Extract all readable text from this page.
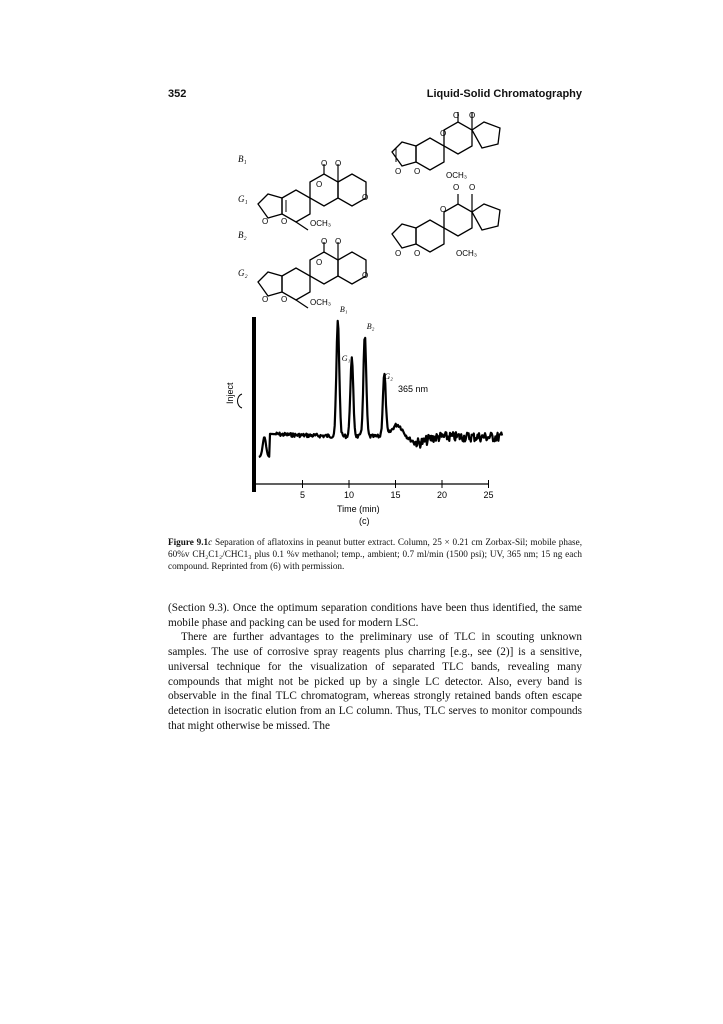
352	Liquid-Solid Chromatography
B₁
G₁
B₂
G₂
O O
O
O
O O	OCH₃
O O
O
O
O O	OCH₃
O O
O
O O	OCH₃
O O
O
O O	OCH₃
Inject
5	10	15	20	25
Time (min)
(c)
365 nm
B₁
G₁
B₂
G₂
Figure 9.1c Separation of aflatoxins in peanut butter extract. Column, 25 × 0.21 cm Zorbax-Sil; mobile phase, 60%v CH₂C1₂/CHC1₃ plus 0.1 %v methanol; temp., ambient; 0.7 ml/min (1500 psi); UV, 365 nm; 15 ng each compound. Reprinted from (6) with permission.

(Section 9.3). Once the optimum separation conditions have been thus identified, the same mobile phase and packing can be used for modern LSC.

There are further advantages to the preliminary use of TLC in scouting unknown samples. The use of corrosive spray reagents plus charring [e.g., see (2)] is a sensitive, universal technique for the visualization of separated TLC bands, revealing many compounds that might not be picked up by a single LC detector. Also, every band is observable in the final TLC chromatogram, whereas strongly retained bands often escape detection in isocratic elution from an LC column. Thus, TLC serves to monitor compounds that might otherwise be missed. The
